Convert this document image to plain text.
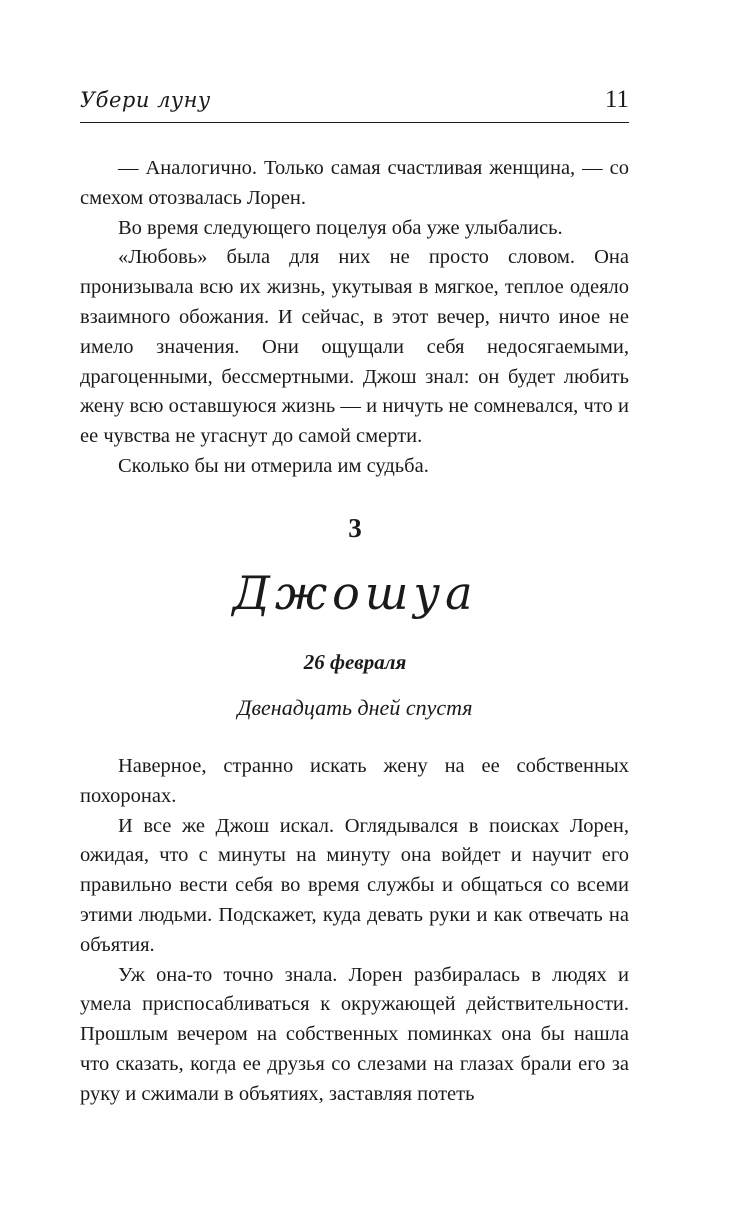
Убери луну	11

— Аналогично. Только самая счастливая женщина, — со смехом отозвалась Лорен.

Во время следующего поцелуя оба уже улыбались.

«Любовь» была для них не просто словом. Она пронизывала всю их жизнь, укутывая в мягкое, теплое одеяло взаимного обожания. И сейчас, в этот вечер, ничто иное не имело значения. Они ощущали себя недосягаемыми, драгоценными, бессмертными. Джош знал: он будет любить жену всю оставшуюся жизнь — и ничуть не сомневался, что и ее чувства не угаснут до самой смерти.

Сколько бы ни отмерила им судьба.

3
Джошуа
26 февраля
Двенадцать дней спустя

Наверное, странно искать жену на ее собственных похоронах.

И все же Джош искал. Оглядывался в поисках Лорен, ожидая, что с минуты на минуту она войдет и научит его правильно вести себя во время службы и общаться со всеми этими людьми. Подскажет, куда девать руки и как отвечать на объятия.

Уж она-то точно знала. Лорен разбиралась в людях и умела приспосабливаться к окружающей действительности. Прошлым вечером на собственных поминках она бы нашла что сказать, когда ее друзья со слезами на глазах брали его за руку и сжимали в объятиях, заставляя потеть
